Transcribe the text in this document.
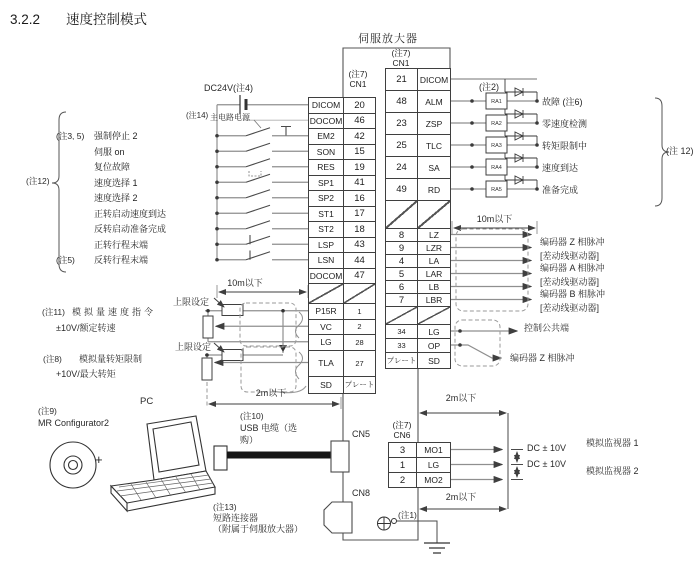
RA1
RA2
RA3
RA4
RA5
3.2.2 速度控制模式
伺服放大器
DC24V(注4)
(注14) 主电路电源
(注12)
(注3, 5)	强制停止 2
伺服 on
复位故障
速度选择 1
速度选择 2
正转启动速度到达
反转启动准备完成
正转行程末端
(注5)	反转行程末端
10m以下
上限设定
上限设定
(注11) 模拟量速度指令
±10V/额定转速
(注8) 模拟量转矩限制
+10V/最大转矩
2m以下
PC
(注9)
MR Configurator2
+
(注10)
USB 电缆（选
购）
CN5
CN8
(注13)
短路连接器
（附属于伺服放大器）
(注2)
故障 (注6)
零速度检测
转矩限制中
速度到达
准备完成
(注 12)
10m以下
编码器 Z 相脉冲
[差动线驱动器]
编码器 A 相脉冲
[差动线驱动器]
编码器 B 相脉冲
[差动线驱动器]
控制公共端
编码器 Z 相脉冲
2m以下
DC ± 10V
DC ± 10V
模拟监视器 1
模拟监视器 2
2m以下
(注1)
(注7)
CN1
DICOM	20
DOCOM	46
EM2	42
SON	15
RES	19
SP1	41
SP2	16
ST1	17
ST2	18
LSP	43
LSN	44
DOCOM	47
P15R	1
VC	2
LG	28
TLA	27
SD	プレート
(注7)
CN1
21	DICOM
48	ALM
23	ZSP
25	TLC
24	SA
49	RD
8	LZ
9	LZR
4	LA
5	LAR
6	LB
7	LBR
34	LG
33	OP
プレート	SD
(注7)
CN6
3	MO1
1	LG
2	MO2
